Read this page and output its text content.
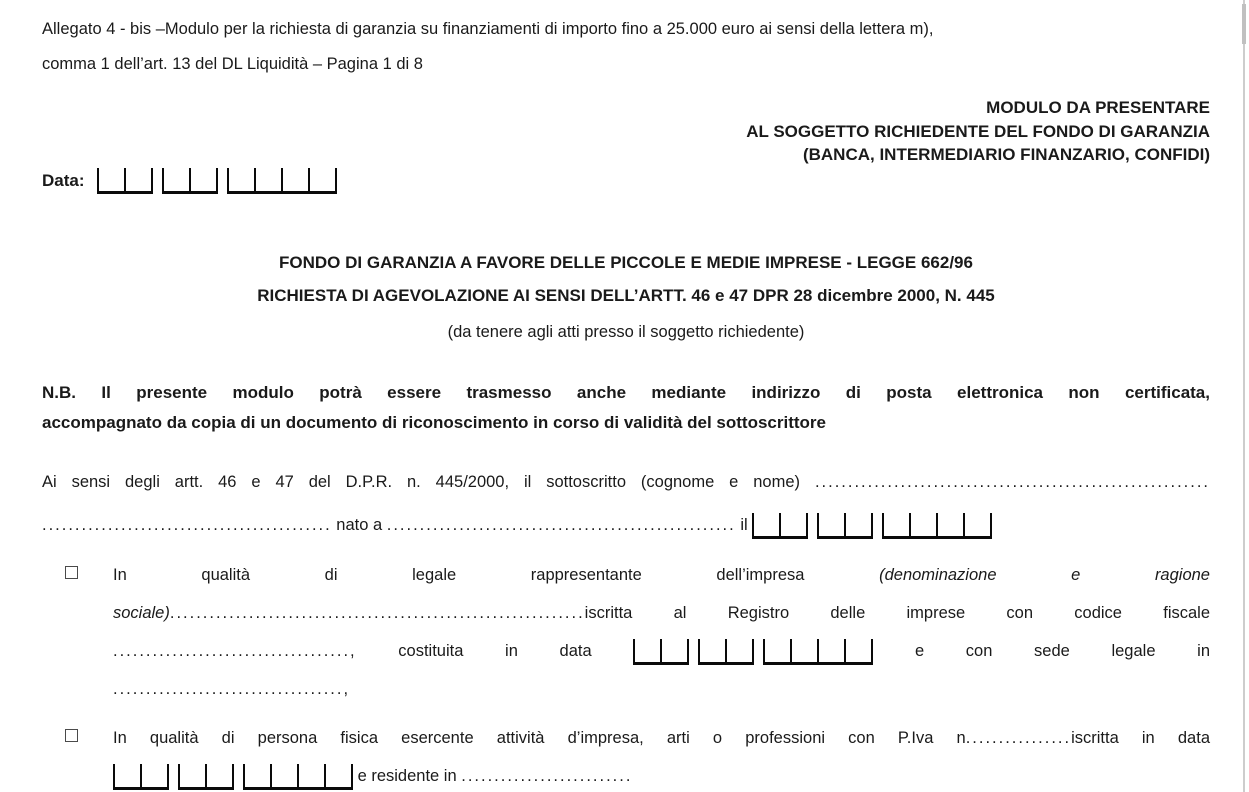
Allegato 4 - bis –Modulo per la richiesta di garanzia su finanziamenti di importo fino a 25.000 euro ai sensi della lettera m),
comma 1 dell’art. 13 del DL Liquidità – Pagina 1 di 8
MODULO DA PRESENTARE
AL SOGGETTO RICHIEDENTE DEL FONDO DI GARANZIA
(BANCA, INTERMEDIARIO FINANZARIO, CONFIDI)
Data:
FONDO DI GARANZIA A FAVORE DELLE PICCOLE E MEDIE IMPRESE - LEGGE 662/96
RICHIESTA DI AGEVOLAZIONE AI SENSI DELL’ARTT. 46 e 47 DPR 28 dicembre 2000, N. 445
(da tenere agli atti presso il soggetto richiedente)
N.B. Il presente modulo potrà essere trasmesso anche mediante indirizzo di posta elettronica non certificata,
accompagnato da copia di un documento di riconoscimento in corso di validità del sottoscrittore
Ai sensi degli artt. 46 e 47 del D.P.R. n. 445/2000, il sottoscritto (cognome e nome) ............................................................
............................................ nato a ..................................................... il
In qualità di legale rappresentante dell’impresa	(denominazione e ragione
sociale)...............................................................iscritta al Registro delle imprese con codice fiscale
....................................,	costituita in data	e con sede legale in
...................................,
In qualità di persona fisica esercente attività d’impresa, arti o professioni con P.Iva n................iscritta in data
e residente in ..........................
